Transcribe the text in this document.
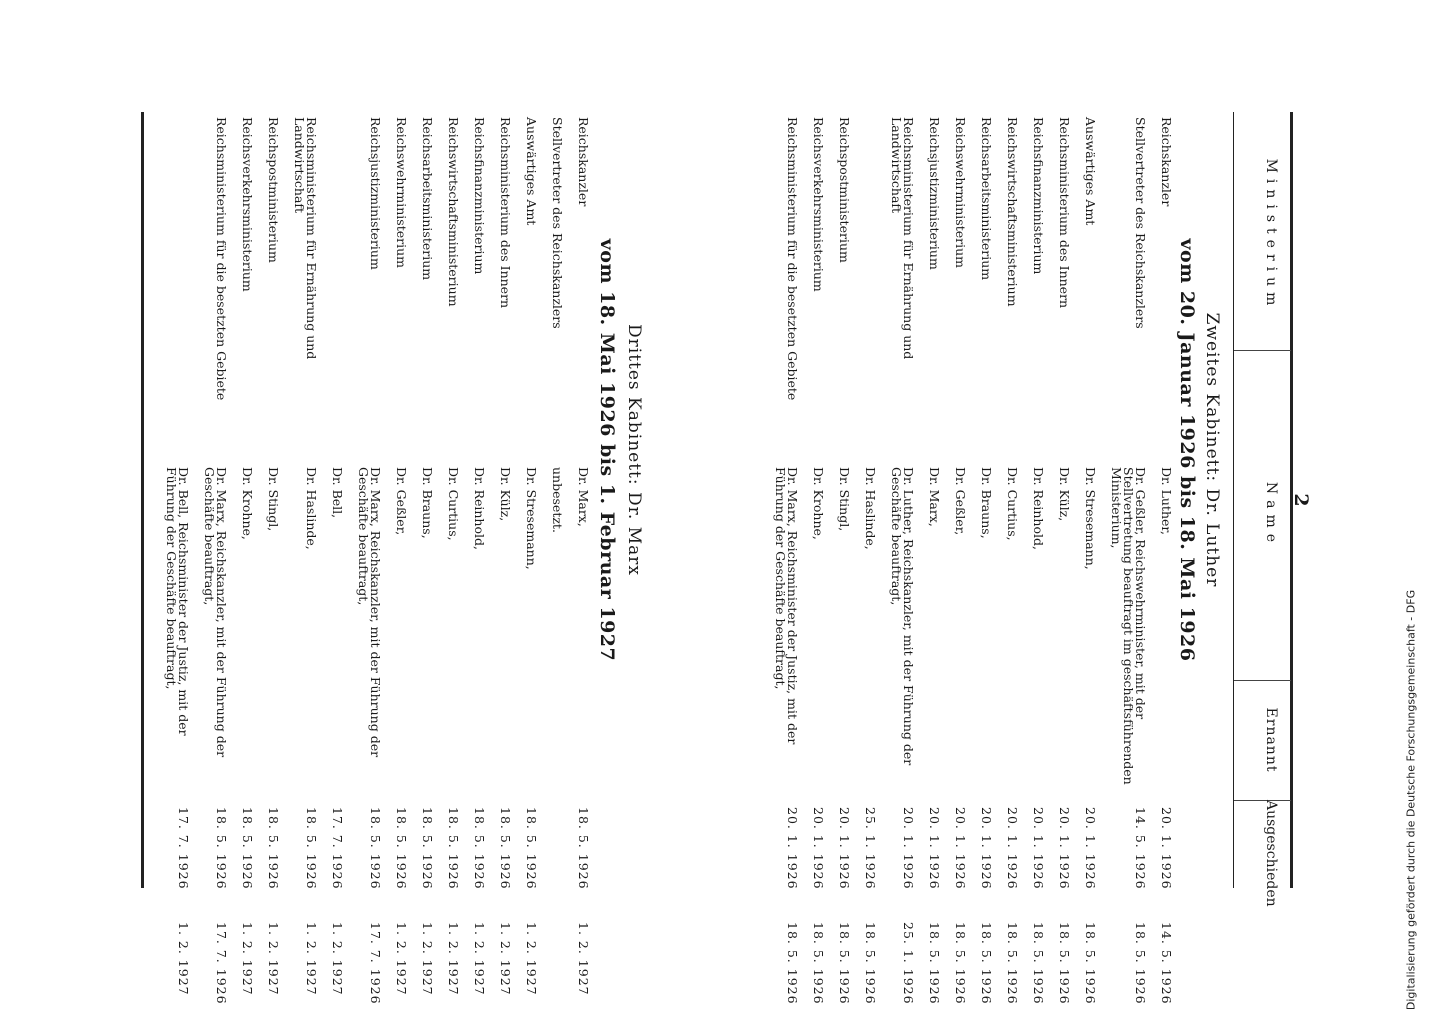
2
Ministerium
Name
Ernannt
Ausgeschieden
Zweites Kabinett: Dr. Luther
vom 20. Januar 1926 bis 18. Mai 1926
Reichskanzler
Dr. Luther,
20. 1. 1926
14. 5. 1926
Stellvertreter des Reichskanzlers
Dr. Geßler, Reichswehrminister, mit der Stellvertretung beauftragt im geschäftsführenden Ministerium,
14. 5. 1926
18. 5. 1926
Auswärtiges Amt
Dr. Stresemann,
20. 1. 1926
18. 5. 1926
Reichsministerium des Innern
Dr. Külz,
20. 1. 1926
18. 5. 1926
Reichsfinanzministerium
Dr. Reinhold,
20. 1. 1926
18. 5. 1926
Reichswirtschaftsministerium
Dr. Curtius,
20. 1. 1926
18. 5. 1926
Reichsarbeitsministerium
Dr. Brauns,
20. 1. 1926
18. 5. 1926
Reichswehrministerium
Dr. Geßler,
20. 1. 1926
18. 5. 1926
Reichsjustizministerium
Dr. Marx,
20. 1. 1926
18. 5. 1926
Reichsministerium für Ernährung und Landwirtschaft
Dr. Luther, Reichskanzler, mit der Führung der Geschäfte beauftragt,
20. 1. 1926
25. 1. 1926
Dr. Haslinde,
25. 1. 1926
18. 5. 1926
Reichspostministerium
Dr. Stingl,
20. 1. 1926
18. 5. 1926
Reichsverkehrsministerium
Dr. Krohne,
20. 1. 1926
18. 5. 1926
Reichsministerium für die besetzten Gebiete
Dr. Marx, Reichsminister der Justiz, mit der Führung der Geschäfte beauftragt,
20. 1. 1926
18. 5. 1926
Drittes Kabinett: Dr. Marx
vom 18. Mai 1926 bis 1. Februar 1927
Reichskanzler
Dr. Marx,
18. 5. 1926
1. 2. 1927
Stellvertreter des Reichskanzlers
unbesetzt.
Auswärtiges Amt
Dr. Stresemann,
18. 5. 1926
1. 2. 1927
Reichsministerium des Innern
Dr. Külz,
18. 5. 1926
1. 2. 1927
Reichsfinanzministerium
Dr. Reinhold,
18. 5. 1926
1. 2. 1927
Reichswirtschaftsministerium
Dr. Curtius,
18. 5. 1926
1. 2. 1927
Reichsarbeitsministerium
Dr. Brauns,
18. 5. 1926
1. 2. 1927
Reichswehrministerium
Dr. Geßler,
18. 5. 1926
1. 2. 1927
Reichsjustizministerium
Dr. Marx, Reichskanzler, mit der Führung der Geschäfte beauftragt,
18. 5. 1926
17. 7. 1926
Dr. Bell,
17. 7. 1926
1. 2. 1927
Reichsministerium für Ernährung und Landwirtschaft
Dr. Haslinde,
18. 5. 1926
1. 2. 1927
Reichspostministerium
Dr. Stingl,
18. 5. 1926
1. 2. 1927
Reichsverkehrsministerium
Dr. Krohne,
18. 5. 1926
1. 2. 1927
Reichsministerium für die besetzten Gebiete
Dr. Marx, Reichskanzler, mit der Führung der Geschäfte beauftragt,
18. 5. 1926
17. 7. 1926
Dr. Bell, Reichsminister der Justiz, mit der Führung der Geschäfte beauftragt,
17. 7. 1926
1. 2. 1927	Digitalisierung gefördert durch die Deutsche Forschungsgemeinschaft - DFG
